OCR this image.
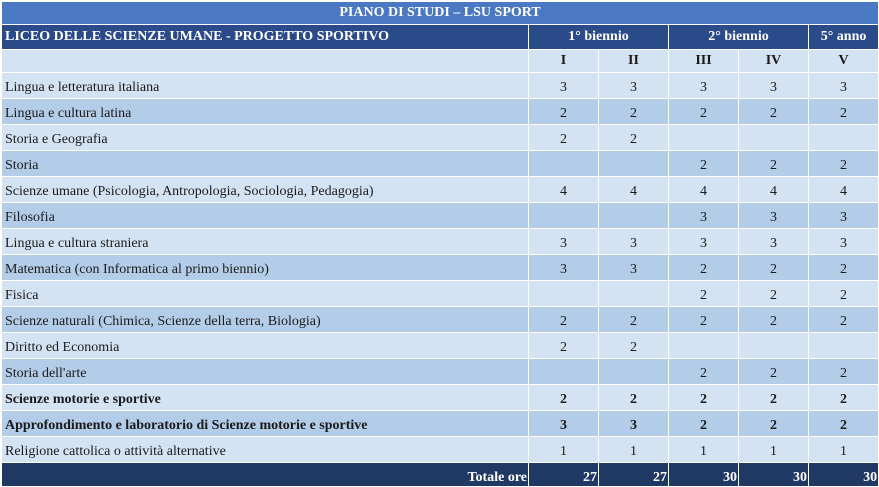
PIANO DI STUDI – LSU SPORT					
LICEO DELLE SCIENZE UMANE - PROGETTO SPORTIVO	1° biennio		2° biennio		5° anno
	I	II	III	IV	V
Lingua e letteratura italiana	3	3	3	3	3
Lingua e cultura latina	2	2	2	2	2
Storia e Geografia	2	2			
Storia			2	2	2
Scienze umane (Psicologia, Antropologia, Sociologia, Pedagogia)	4	4	4	4	4
Filosofia			3	3	3
Lingua e cultura straniera	3	3	3	3	3
Matematica (con Informatica al primo biennio)	3	3	2	2	2
Fisica			2	2	2
Scienze naturali (Chimica, Scienze della terra, Biologia)	2	2	2	2	2
Diritto ed Economia	2	2			
Storia dell'arte			2	2	2
Scienze motorie e sportive	2	2	2	2	2
Approfondimento e laboratorio di Scienze motorie e sportive	3	3	2	2	2
Religione cattolica o attività alternative	1	1	1	1	1
Totale ore	27	27	30	30	30
